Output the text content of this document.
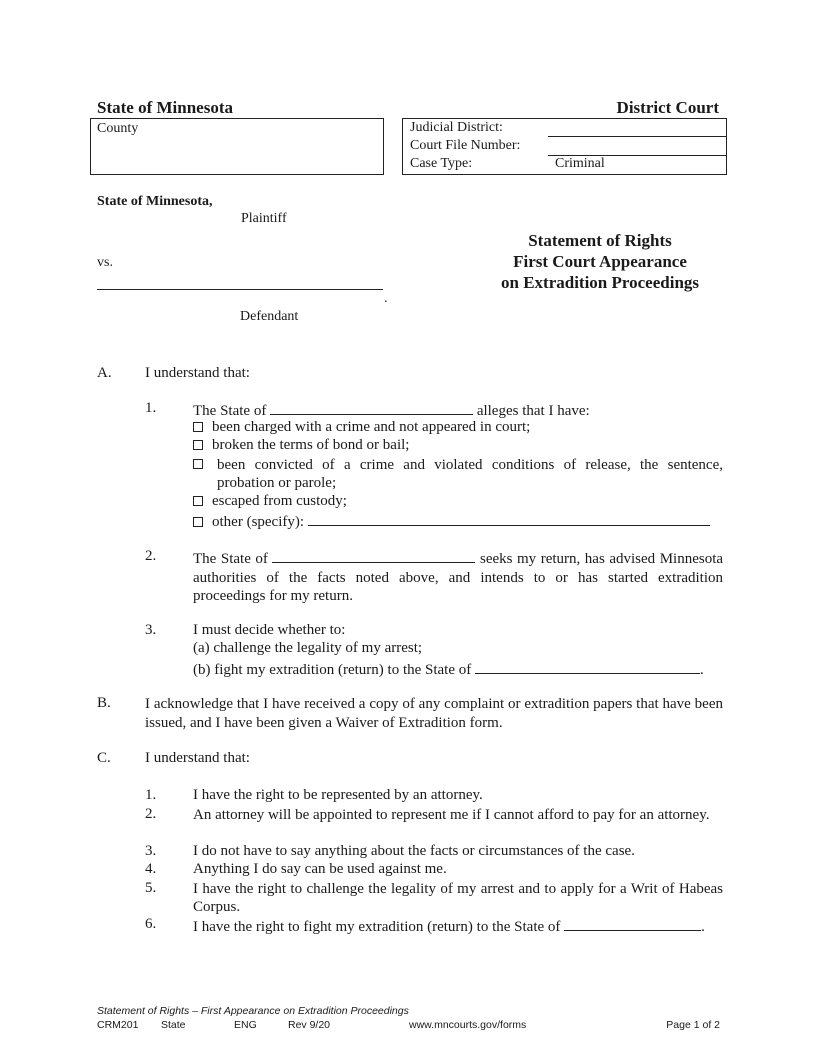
State of Minnesota	District Court
County	Judicial District:
Court File Number:
Case Type:	Criminal
State of Minnesota,
Plaintiff
vs.
.
Defendant
Statement of Rights
First Court Appearance
on Extradition Proceedings
A. I understand that:
1. The State of	alleges that I have:
been charged with a crime and not appeared in court;
broken the terms of bond or bail;
been convicted of a crime and violated conditions of release, the sentence, probation or parole;
escaped from custody;
other (specify):
2. The State of	seeks my return, has advised Minnesota authorities of the facts noted above, and intends to or has started extradition proceedings for my return.
3. I must decide whether to:
(a) challenge the legality of my arrest;
(b) fight my extradition (return) to the State of	.
B. I acknowledge that I have received a copy of any complaint or extradition papers that have been issued, and I have been given a Waiver of Extradition form.
C. I understand that:
1. I have the right to be represented by an attorney.
2. An attorney will be appointed to represent me if I cannot afford to pay for an attorney.
3. I do not have to say anything about the facts or circumstances of the case.
4. Anything I do say can be used against me.
5. I have the right to challenge the legality of my arrest and to apply for a Writ of Habeas Corpus.
6. I have the right to fight my extradition (return) to the State of	.
Statement of Rights – First Appearance on Extradition Proceedings
CRM201 State	ENG	Rev 9/20	www.mncourts.gov/forms	Page 1 of 2
